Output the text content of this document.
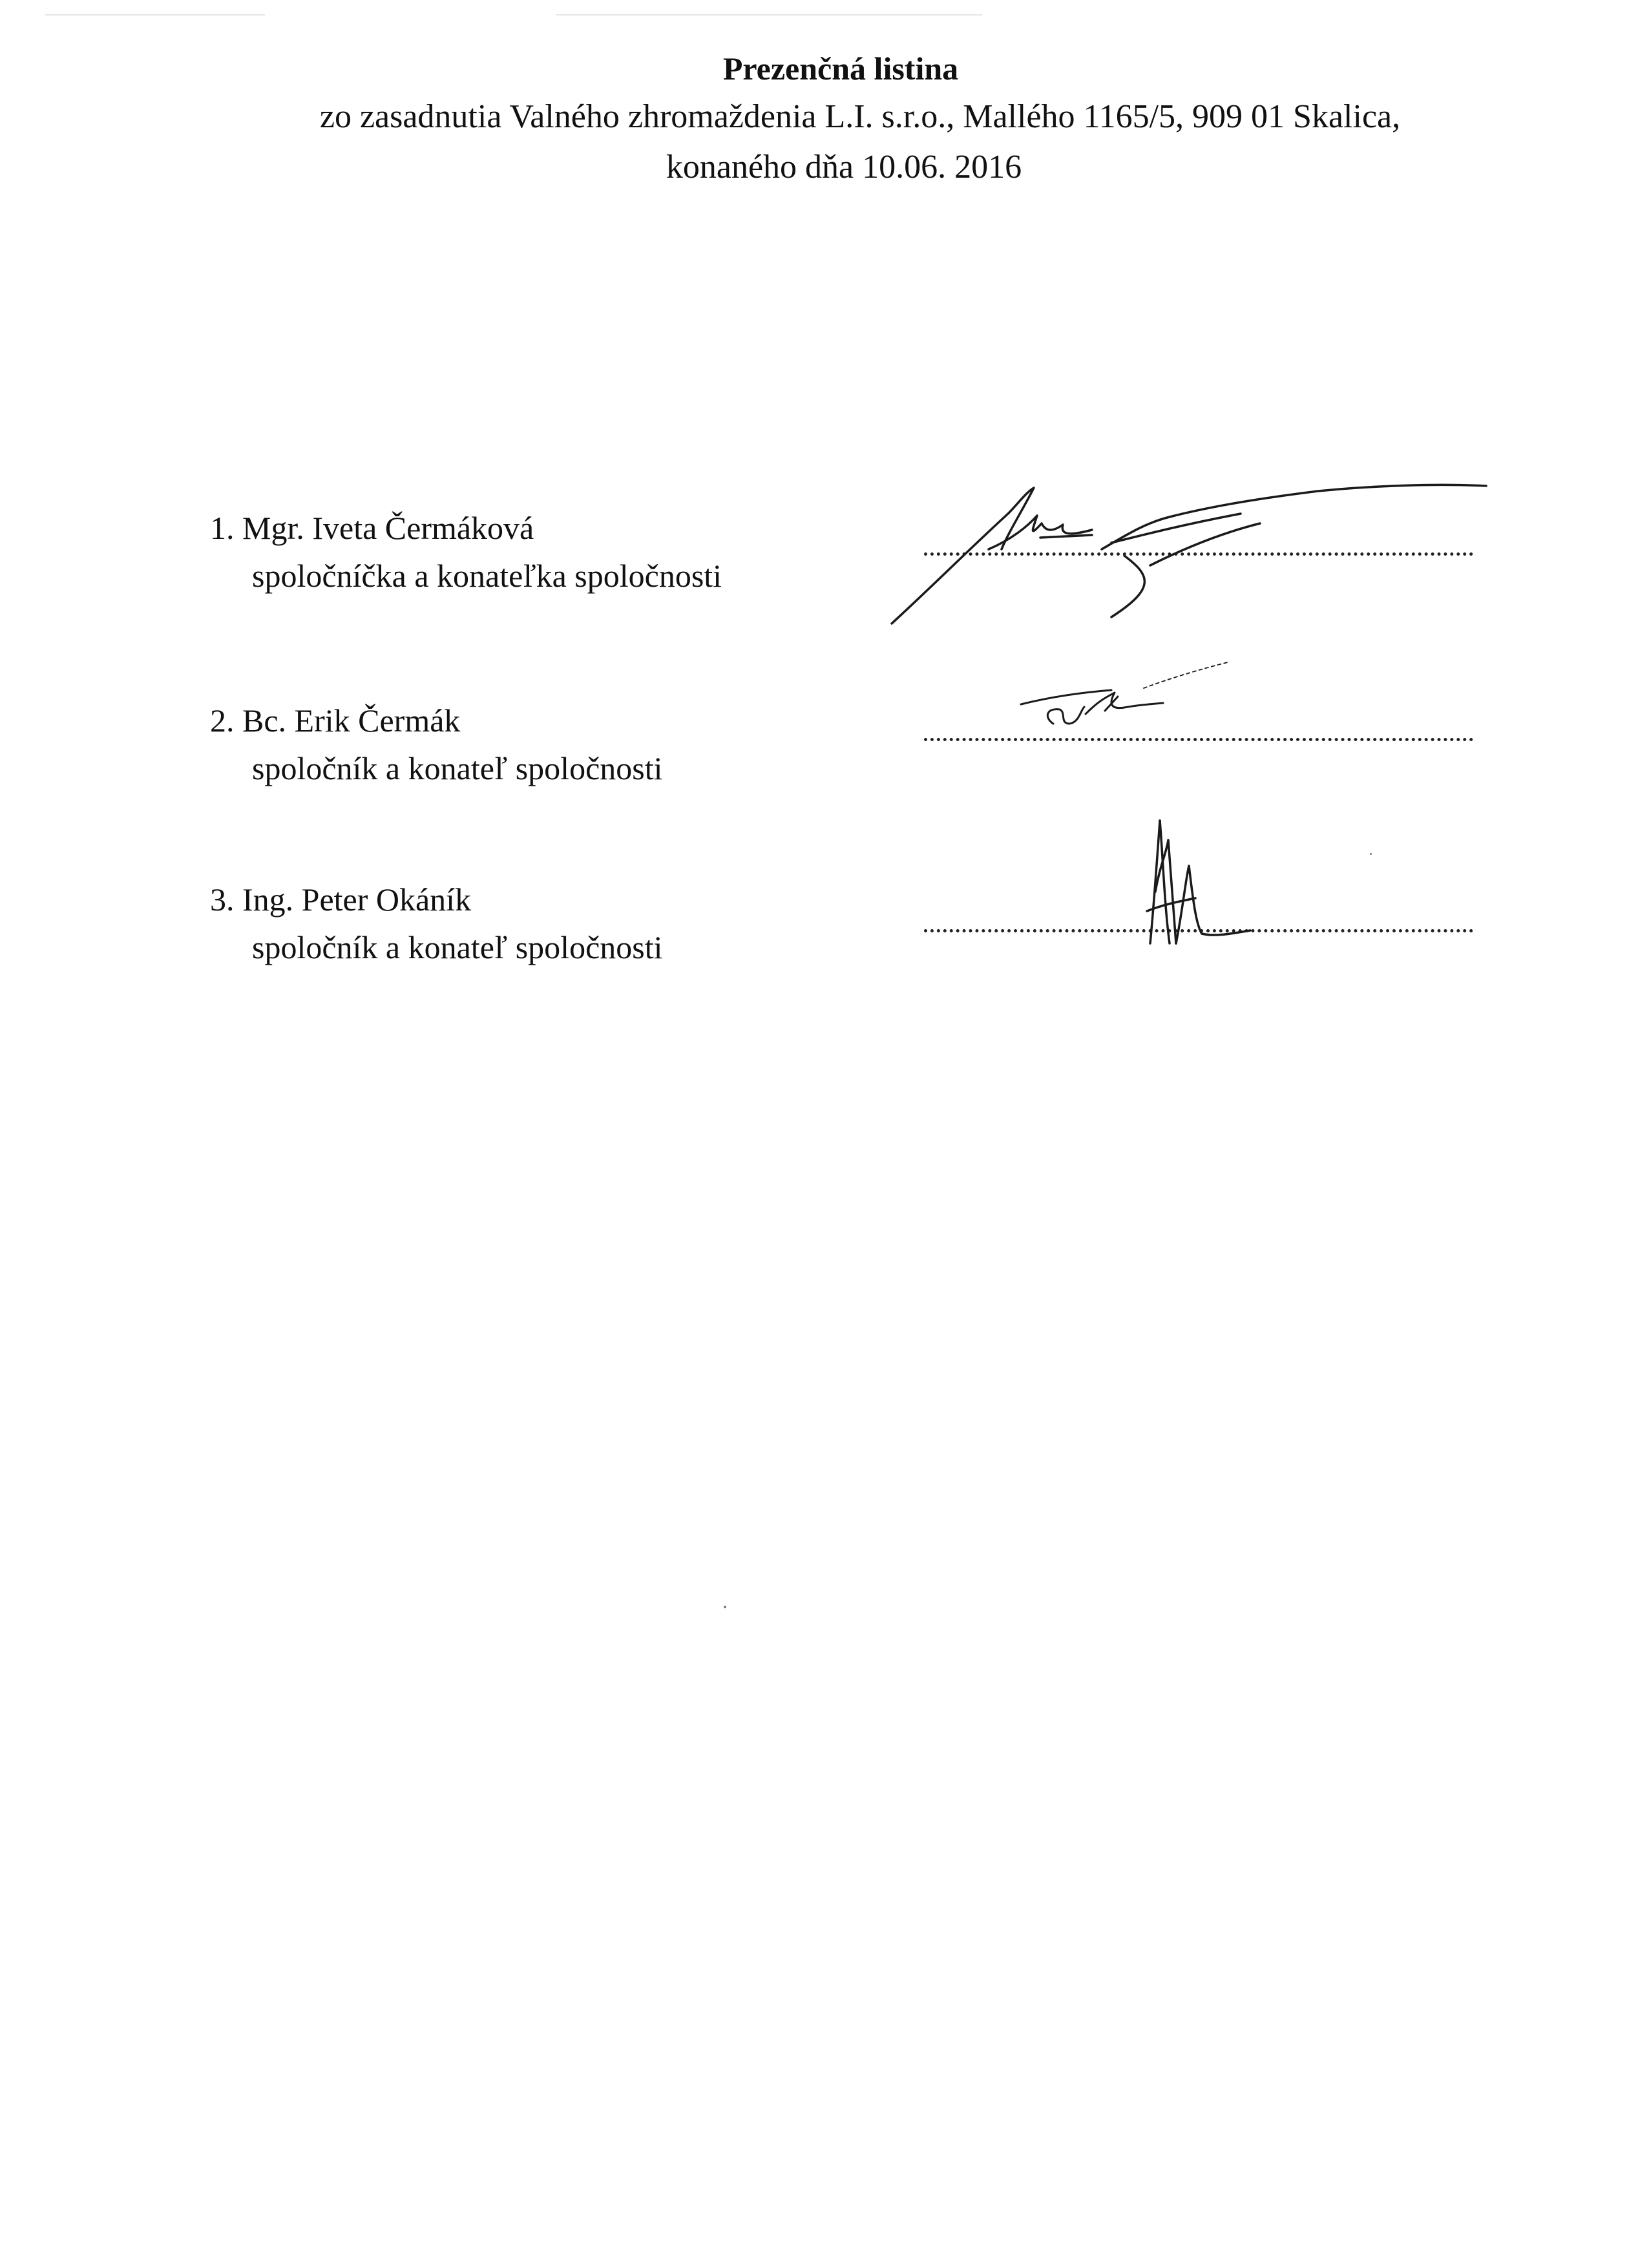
Prezenčná listina
zo zasadnutia Valného zhromaždenia L.I. s.r.o., Mallého 1165/5, 909 01 Skalica,
konaného dňa 10.06. 2016
1. Mgr. Iveta Čermáková
spoločníčka a konateľka spoločnosti
2. Bc. Erik Čermák
spoločník a konateľ spoločnosti
3. Ing. Peter Okáník
spoločník a konateľ spoločnosti
